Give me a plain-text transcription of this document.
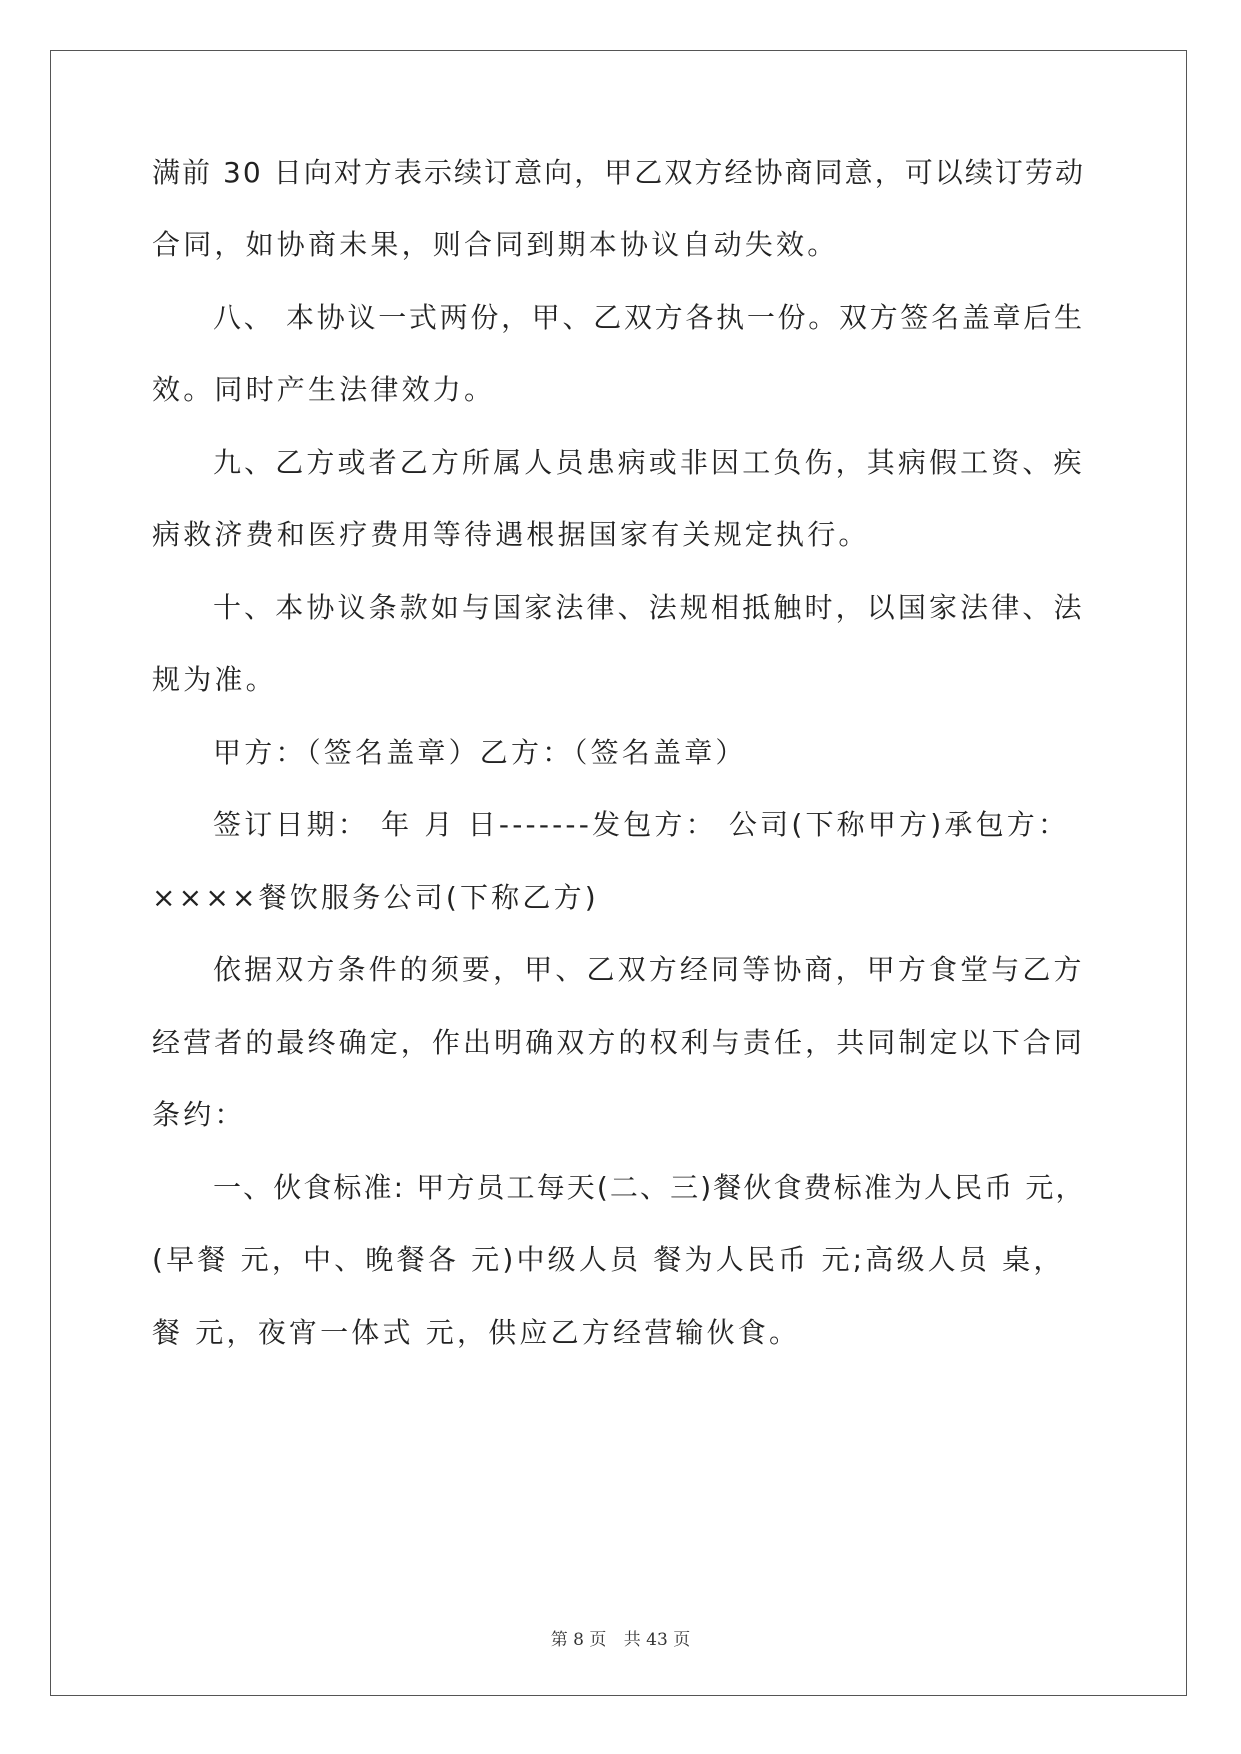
满前 30 日向对方表示续订意向，甲乙双方经协商同意，可以续订劳动
合同，如协商未果，则合同到期本协议自动失效。
八、 本协议一式两份，甲、乙双方各执一份。双方签名盖章后生
效。同时产生法律效力。
九、乙方或者乙方所属人员患病或非因工负伤，其病假工资、疾
病救济费和医疗费用等待遇根据国家有关规定执行。
十、本协议条款如与国家法律、法规相抵触时，以国家法律、法
规为准。
甲方：（签名盖章）乙方：（签名盖章）
签订日期： 年 月 日-------发包方： 公司(下称甲方)承包方：
××××餐饮服务公司(下称乙方)
依据双方条件的须要，甲、乙双方经同等协商，甲方食堂与乙方
经营者的最终确定，作出明确双方的权利与责任，共同制定以下合同
条约：
一、伙食标准: 甲方员工每天(二、三)餐伙食费标准为人民币 元，
(早餐 元，中、晚餐各 元)中级人员 餐为人民币 元;高级人员 桌，
餐 元，夜宵一体式 元，供应乙方经营输伙食。
第 8 页 共 43 页
